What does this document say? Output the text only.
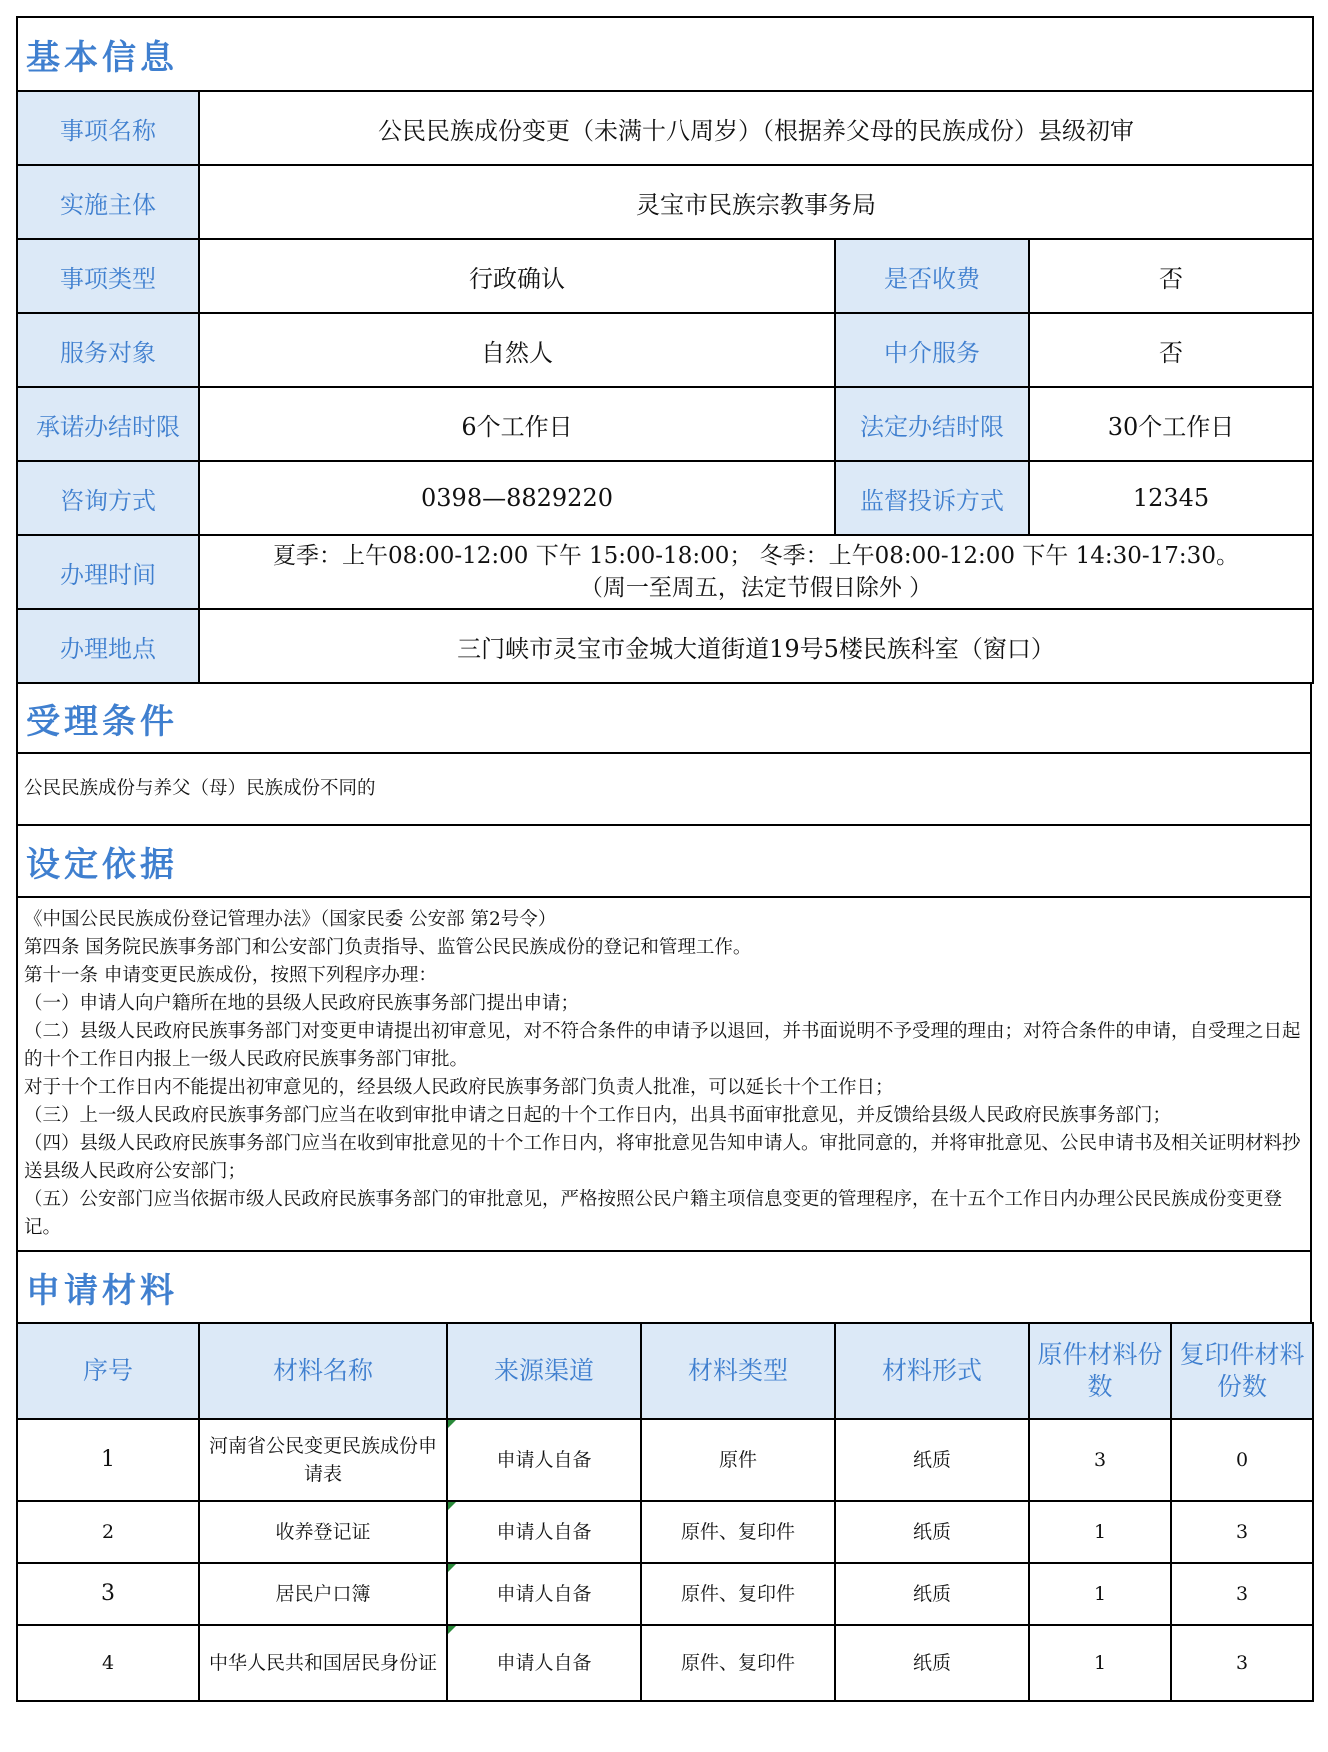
基本信息			
事项名称	公民民族成份变更（未满十八周岁）（根据养父母的民族成份）县级初审		
实施主体	灵宝市民族宗教事务局		
事项类型	行政确认	是否收费	否
服务对象	自然人	中介服务	否
承诺办结时限	6个工作日	法定办结时限	30个工作日
咨询方式	0398—8829220	监督投诉方式	12345
办理时间	夏季：上午08:00-12:00 下午 15:00-18:00； 冬季：上午08:00-12:00 下午 14:30-17:30。
（周一至周五，法定节假日除外 ）		

办理地点	三门峡市灵宝市金城大道街道19号5楼民族科室（窗口）		
受理条件
公民民族成份与养父（母）民族成份不同的
设定依据

《中国公民民族成份登记管理办法》（国家民委 公安部 第2号令）
第四条 国务院民族事务部门和公安部门负责指导、监管公民民族成份的登记和管理工作。
第十一条 申请变更民族成份，按照下列程序办理：
（一）申请人向户籍所在地的县级人民政府民族事务部门提出申请；
（二）县级人民政府民族事务部门对变更申请提出初审意见，对不符合条件的申请予以退回，并书面说明不予受理的理由；对符合条件的申请，自受理之日起的十个工作日内报上一级人民政府民族事务部门审批。
对于十个工作日内不能提出初审意见的，经县级人民政府民族事务部门负责人批准，可以延长十个工作日；
（三）上一级人民政府民族事务部门应当在收到审批申请之日起的十个工作日内，出具书面审批意见，并反馈给县级人民政府民族事务部门；
（四）县级人民政府民族事务部门应当在收到审批意见的十个工作日内，将审批意见告知申请人。审批同意的，并将审批意见、公民申请书及相关证明材料抄送县级人民政府公安部门；
（五）公安部门应当依据市级人民政府民族事务部门的审批意见，严格按照公民户籍主项信息变更的管理程序，在十五个工作日内办理公民民族成份变更登记。

申请材料
序号	材料名称	来源渠道	材料类型	材料形式	原件材料份数	复印件材料份数
1	河南省公民变更民族成份申请表	申请人自备	原件	纸质	3	0
2	收养登记证	申请人自备	原件、复印件	纸质	1	3
3	居民户口簿	申请人自备	原件、复印件	纸质	1	3
4	中华人民共和国居民身份证	申请人自备	原件、复印件	纸质	1	3
